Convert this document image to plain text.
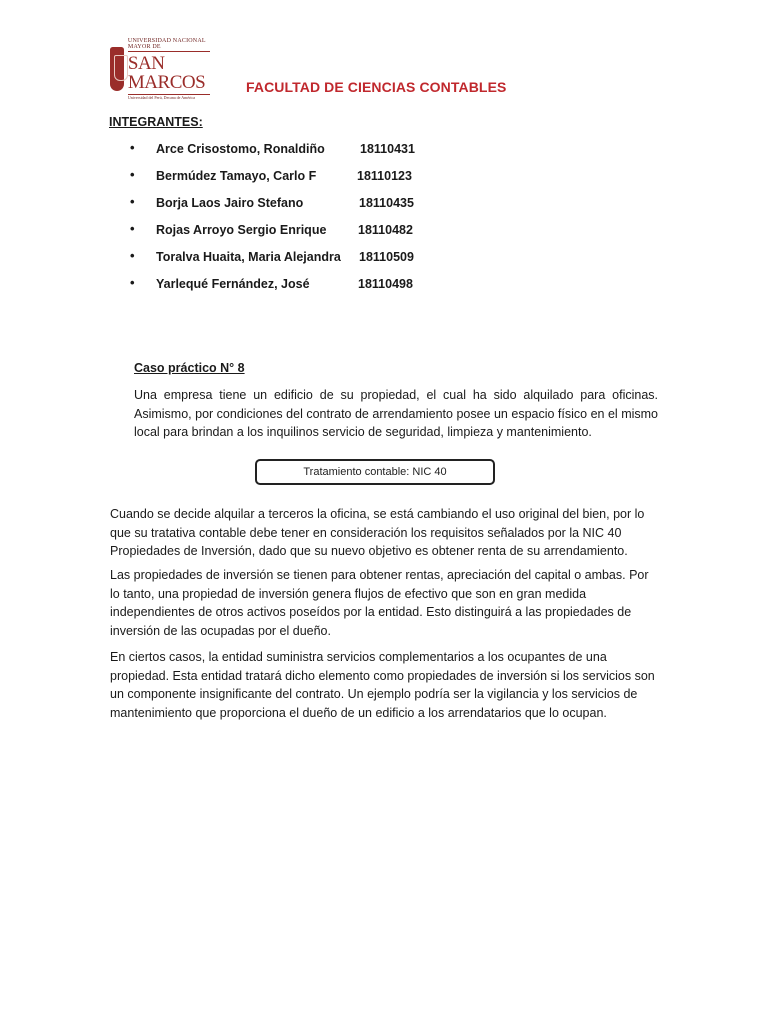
UNIVERSIDAD NACIONAL MAYOR DE
SAN MARCOS
Universidad del Perú, Decana de América
FACULTAD DE CIENCIAS CONTABLES
INTEGRANTES:
• Arce Crisostomo, Ronaldiño	18110431
• Bermúdez Tamayo, Carlo F	18110123
• Borja Laos Jairo Stefano	18110435
• Rojas Arroyo Sergio Enrique	18110482
• Toralva Huaita, Maria Alejandra 18110509
• Yarlequé Fernández, José	18110498
Caso práctico N° 8

Una empresa tiene un edificio de su propiedad, el cual ha sido alquilado para oficinas. Asimismo, por condiciones del contrato de arrendamiento posee un espacio físico en el mismo local para brindan a los inquilinos servicio de seguridad, limpieza y mantenimiento.

Tratamiento contable: NIC 40

Cuando se decide alquilar a terceros la oficina, se está cambiando el uso original del bien, por lo que su tratativa contable debe tener en consideración los requisitos señalados por la NIC 40 Propiedades de Inversión, dado que su nuevo objetivo es obtener renta de su arrendamiento.

Las propiedades de inversión se tienen para obtener rentas, apreciación del capital o ambas. Por lo tanto, una propiedad de inversión genera flujos de efectivo que son en gran medida independientes de otros activos poseídos por la entidad. Esto distinguirá a las propiedades de inversión de las ocupadas por el dueño.

En ciertos casos, la entidad suministra servicios complementarios a los ocupantes de una propiedad. Esta entidad tratará dicho elemento como propiedades de inversión si los servicios son un componente insignificante del contrato. Un ejemplo podría ser la vigilancia y los servicios de mantenimiento que proporciona el dueño de un edificio a los arrendatarios que lo ocupan.
